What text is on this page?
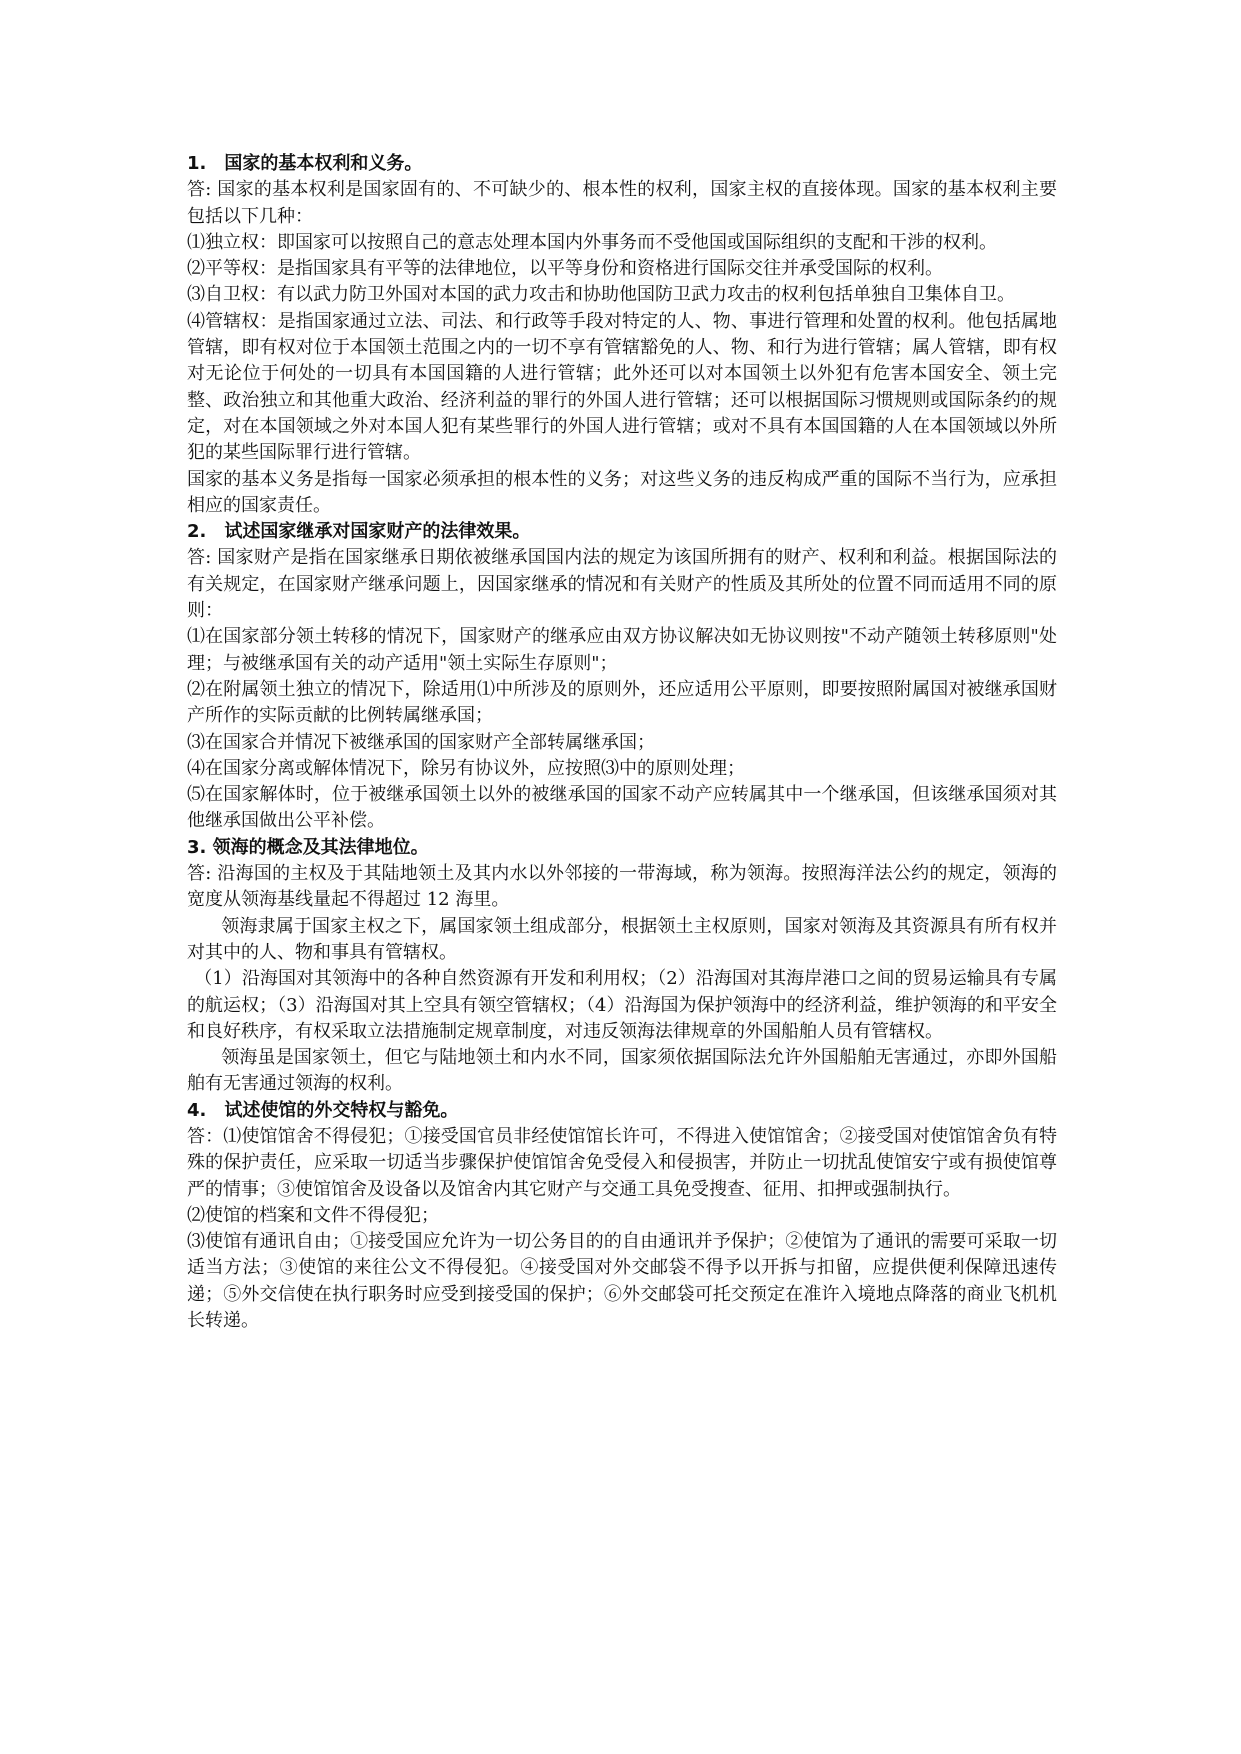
1.　国家的基本权利和义务。

答: 国家的基本权利是国家固有的、不可缺少的、根本性的权利，国家主权的直接体现。国家的基本权利主要包括以下几种：

⑴独立权：即国家可以按照自己的意志处理本国内外事务而不受他国或国际组织的支配和干涉的权利。

⑵平等权：是指国家具有平等的法律地位，以平等身份和资格进行国际交往并承受国际的权利。

⑶自卫权：有以武力防卫外国对本国的武力攻击和协助他国防卫武力攻击的权利包括单独自卫集体自卫。

⑷管辖权：是指国家通过立法、司法、和行政等手段对特定的人、物、事进行管理和处置的权利。他包括属地管辖，即有权对位于本国领土范围之内的一切不享有管辖豁免的人、物、和行为进行管辖；属人管辖，即有权对无论位于何处的一切具有本国国籍的人进行管辖；此外还可以对本国领土以外犯有危害本国安全、领土完整、政治独立和其他重大政治、经济利益的罪行的外国人进行管辖；还可以根据国际习惯规则或国际条约的规定，对在本国领域之外对本国人犯有某些罪行的外国人进行管辖；或对不具有本国国籍的人在本国领域以外所犯的某些国际罪行进行管辖。

国家的基本义务是指每一国家必须承担的根本性的义务；对这些义务的违反构成严重的国际不当行为，应承担相应的国家责任。

2.　试述国家继承对国家财产的法律效果。

答: 国家财产是指在国家继承日期依被继承国国内法的规定为该国所拥有的财产、权利和利益。根据国际法的有关规定，在国家财产继承问题上，因国家继承的情况和有关财产的性质及其所处的位置不同而适用不同的原则：

⑴在国家部分领土转移的情况下，国家财产的继承应由双方协议解决如无协议则按"不动产随领土转移原则"处理；与被继承国有关的动产适用"领土实际生存原则"；

⑵在附属领土独立的情况下，除适用⑴中所涉及的原则外，还应适用公平原则，即要按照附属国对被继承国财产所作的实际贡献的比例转属继承国；

⑶在国家合并情况下被继承国的国家财产全部转属继承国；

⑷在国家分离或解体情况下，除另有协议外，应按照⑶中的原则处理；

⑸在国家解体时，位于被继承国领土以外的被继承国的国家不动产应转属其中一个继承国，但该继承国须对其他继承国做出公平补偿。

3. 领海的概念及其法律地位。

答: 沿海国的主权及于其陆地领土及其内水以外邻接的一带海域，称为领海。按照海洋法公约的规定，领海的宽度从领海基线量起不得超过 12 海里。

领海隶属于国家主权之下，属国家领土组成部分，根据领土主权原则，国家对领海及其资源具有所有权并对其中的人、物和事具有管辖权。

（1）沿海国对其领海中的各种自然资源有开发和利用权；（2）沿海国对其海岸港口之间的贸易运输具有专属的航运权；（3）沿海国对其上空具有领空管辖权；（4）沿海国为保护领海中的经济利益，维护领海的和平安全和良好秩序，有权采取立法措施制定规章制度，对违反领海法律规章的外国船舶人员有管辖权。

领海虽是国家领土，但它与陆地领土和内水不同，国家须依据国际法允许外国船舶无害通过，亦即外国船舶有无害通过领海的权利。

4.　试述使馆的外交特权与豁免。

答：⑴使馆馆舍不得侵犯；①接受国官员非经使馆馆长许可，不得进入使馆馆舍；②接受国对使馆馆舍负有特殊的保护责任，应采取一切适当步骤保护使馆馆舍免受侵入和侵损害，并防止一切扰乱使馆安宁或有损使馆尊严的情事；③使馆馆舍及设备以及馆舍内其它财产与交通工具免受搜查、征用、扣押或强制执行。

⑵使馆的档案和文件不得侵犯；

⑶使馆有通讯自由；①接受国应允许为一切公务目的的自由通讯并予保护；②使馆为了通讯的需要可采取一切适当方法；③使馆的来往公文不得侵犯。④接受国对外交邮袋不得予以开拆与扣留，应提供便利保障迅速传递；⑤外交信使在执行职务时应受到接受国的保护；⑥外交邮袋可托交预定在准许入境地点降落的商业飞机机长转递。
